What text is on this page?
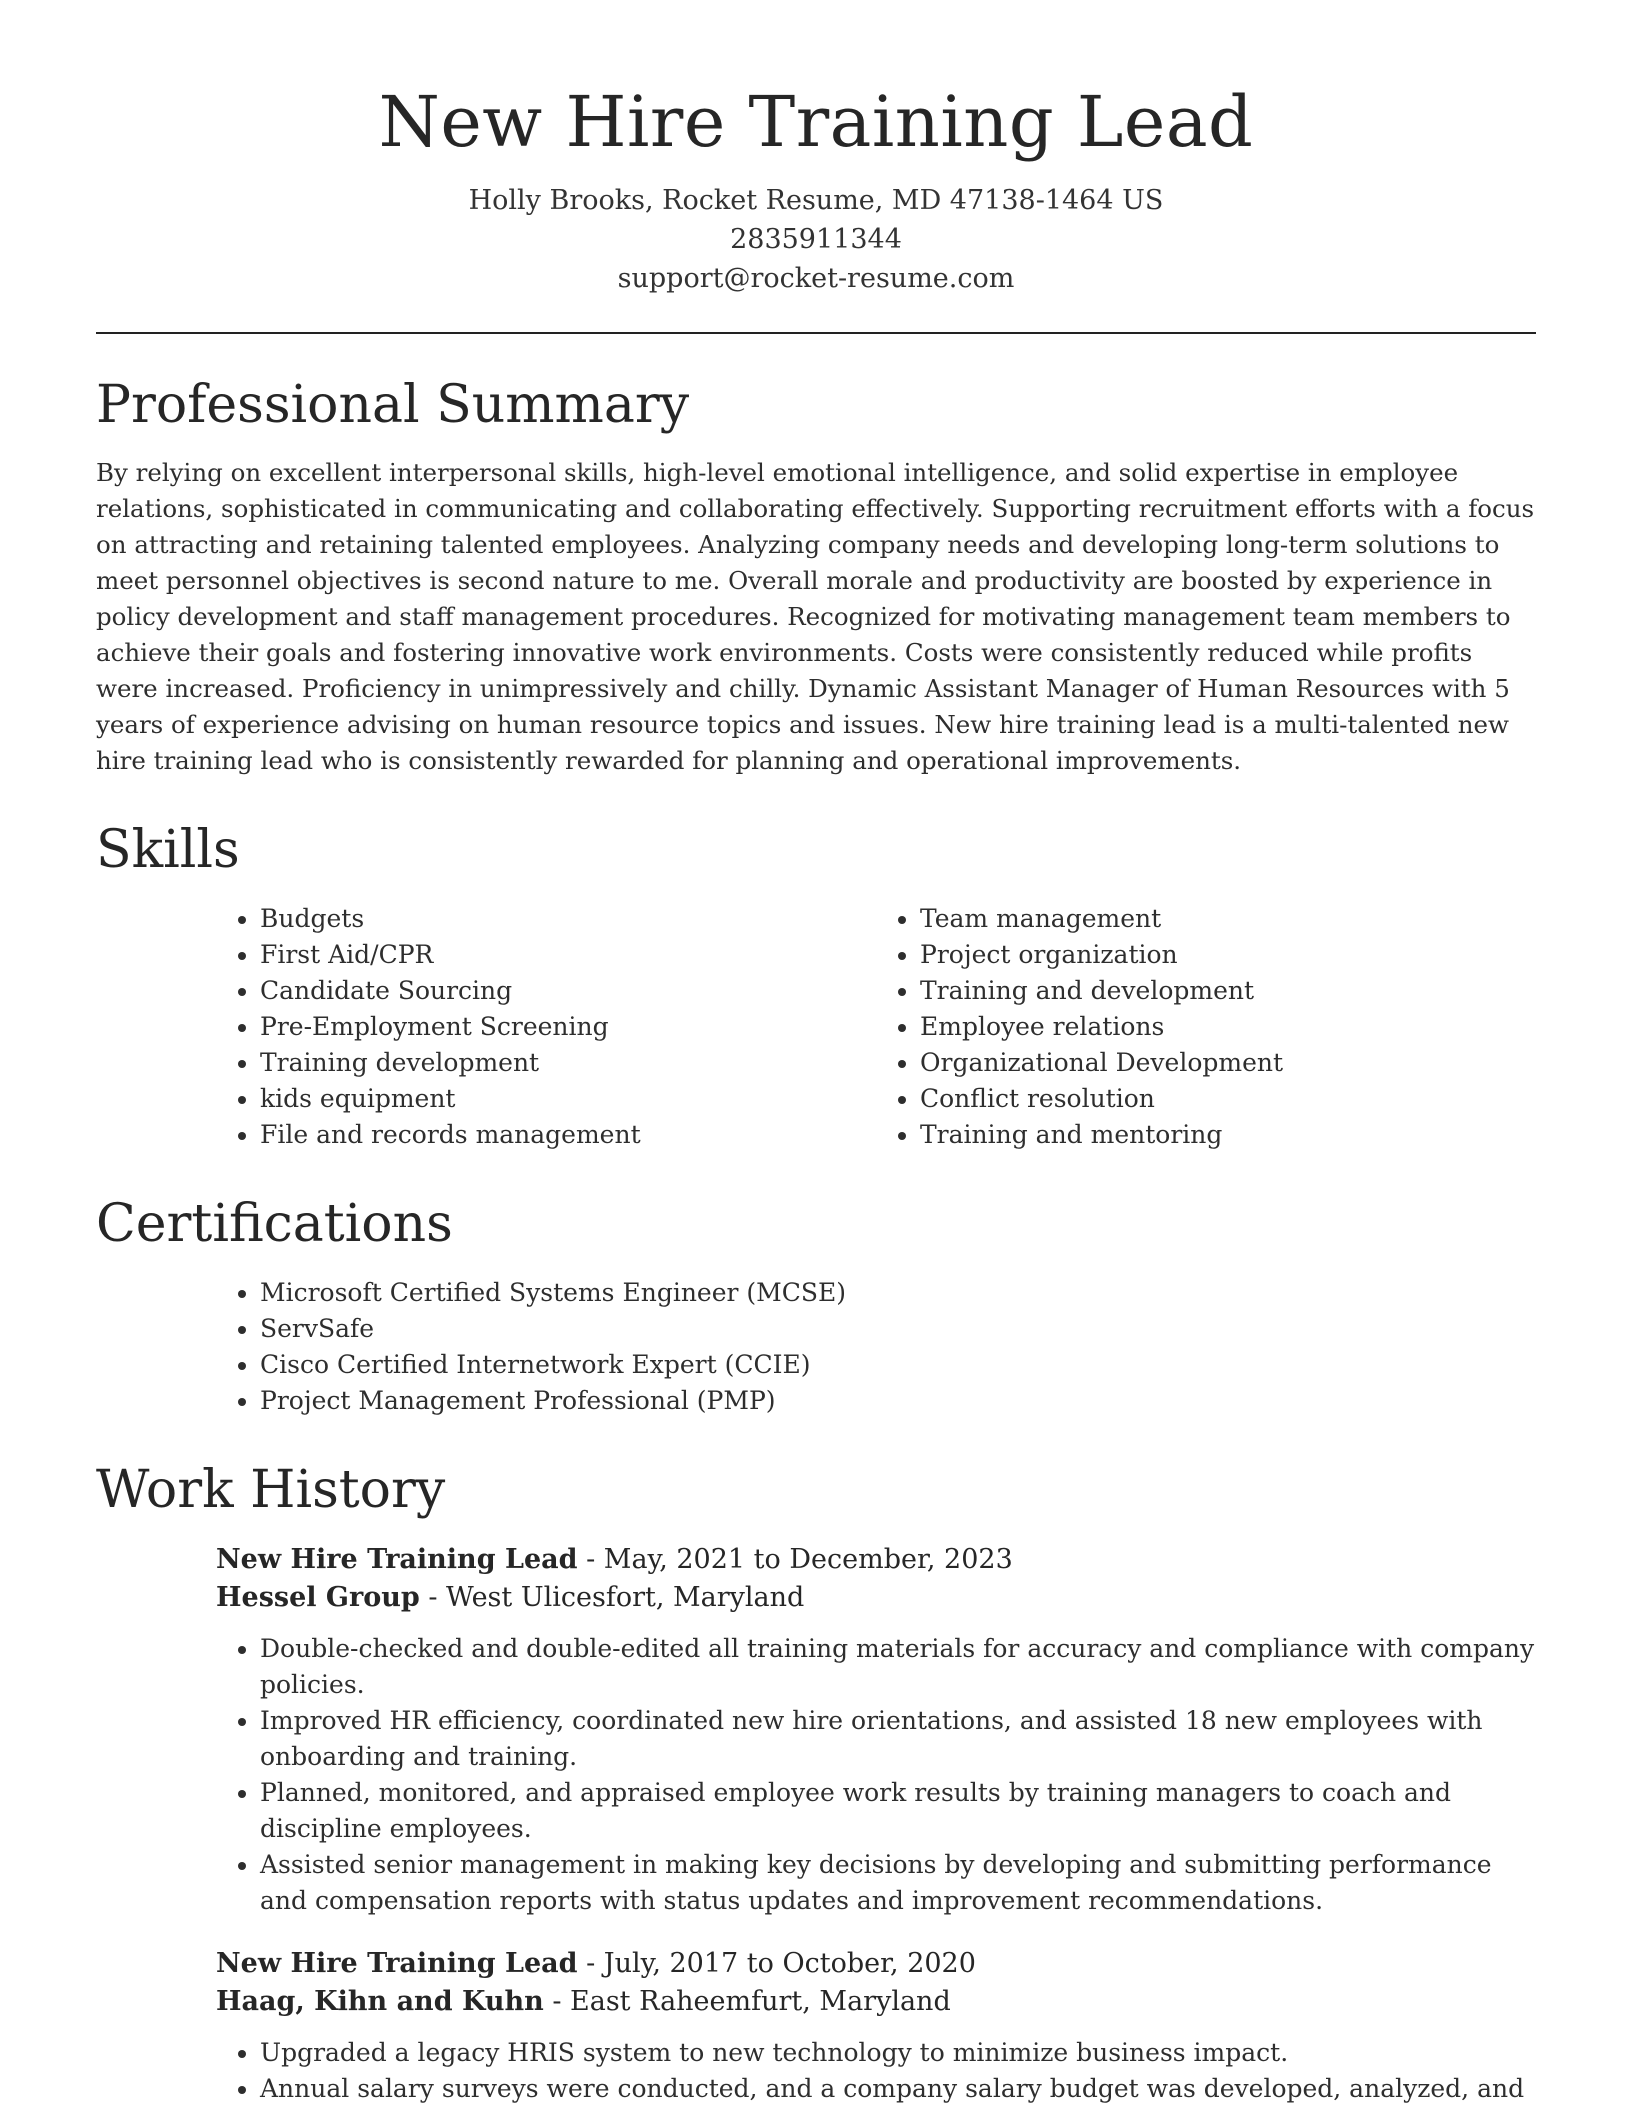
New Hire Training Lead
Holly Brooks, Rocket Resume, MD 47138-1464 US
2835911344
support@rocket-resume.com
Professional Summary

By relying on excellent interpersonal skills, high-level emotional intelligence, and solid expertise in employee relations, sophisticated in communicating and collaborating effectively. Supporting recruitment efforts with a focus on attracting and retaining talented employees. Analyzing company needs and developing long-term solutions to meet personnel objectives is second nature to me. Overall morale and productivity are boosted by experience in policy development and staff management procedures. Recognized for motivating management team members to achieve their goals and fostering innovative work environments. Costs were consistently reduced while profits were increased. Proficiency in unimpressively and chilly. Dynamic Assistant Manager of Human Resources with 5 years of experience advising on human resource topics and issues. New hire training lead is a multi-talented new hire training lead who is consistently rewarded for planning and operational improvements.

Skills
• Budgets
• First Aid/CPR
• Candidate Sourcing
• Pre-Employment Screening
• Training development
• kids equipment
• File and records management
• Team management
• Project organization
• Training and development
• Employee relations
• Organizational Development
• Conflict resolution
• Training and mentoring
Certifications
• Microsoft Certified Systems Engineer (MCSE)
• ServSafe
• Cisco Certified Internetwork Expert (CCIE)
• Project Management Professional (PMP)
Work History
New Hire Training Lead - May, 2021 to December, 2023
Hessel Group - West Ulicesfort, Maryland
• Double-checked and double-edited all training materials for accuracy and compliance with company policies.
• Improved HR efficiency, coordinated new hire orientations, and assisted 18 new employees with onboarding and training.
• Planned, monitored, and appraised employee work results by training managers to coach and discipline employees.
• Assisted senior management in making key decisions by developing and submitting performance and compensation reports with status updates and improvement recommendations.
New Hire Training Lead - July, 2017 to October, 2020
Haag, Kihn and Kuhn - East Raheemfurt, Maryland
• Upgraded a legacy HRIS system to new technology to minimize business impact.
• Annual salary surveys were conducted, and a company salary budget was developed, analyzed, and
